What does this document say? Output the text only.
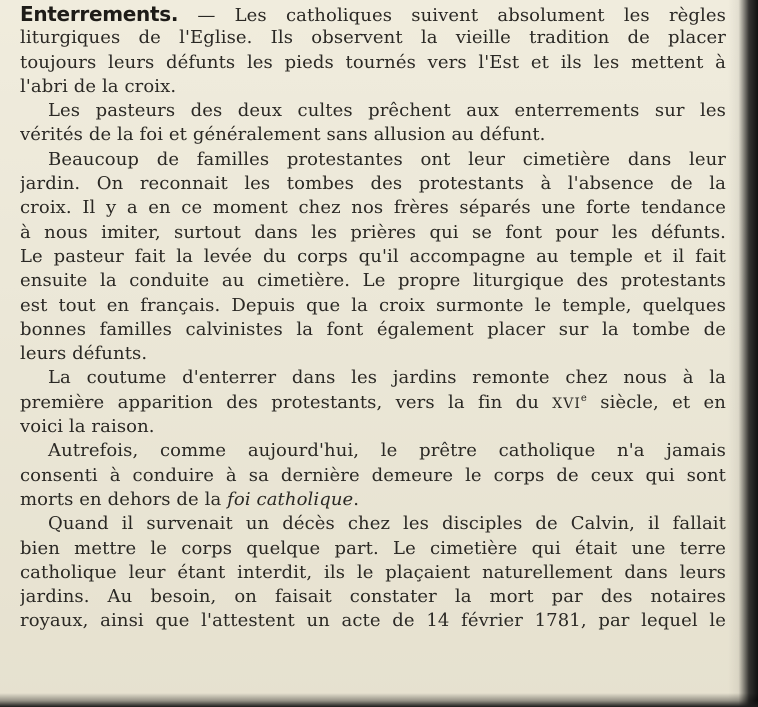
Enterrements. — Les catholiques suivent absolument les règles
liturgiques de l'Eglise. Ils observent la vieille tradition de placer
toujours leurs défunts les pieds tournés vers l'Est et ils les mettent à
l'abri de la croix.
Les pasteurs des deux cultes prêchent aux enterrements sur les
vérités de la foi et généralement sans allusion au défunt.
Beaucoup de familles protestantes ont leur cimetière dans leur
jardin. On reconnait les tombes des protestants à l'absence de la
croix. Il y a en ce moment chez nos frères séparés une forte tendance
à nous imiter, surtout dans les prières qui se font pour les défunts.
Le pasteur fait la levée du corps qu'il accompagne au temple et il fait
ensuite la conduite au cimetière. Le propre liturgique des protestants
est tout en français. Depuis que la croix surmonte le temple, quelques
bonnes familles calvinistes la font également placer sur la tombe de
leurs défunts.
La coutume d'enterrer dans les jardins remonte chez nous à la
première apparition des protestants, vers la fin du XVIe siècle, et en
voici la raison.
Autrefois, comme aujourd'hui, le prêtre catholique n'a jamais
consenti à conduire à sa dernière demeure le corps de ceux qui sont
morts en dehors de la foi catholique.
Quand il survenait un décès chez les disciples de Calvin, il fallait
bien mettre le corps quelque part. Le cimetière qui était une terre
catholique leur étant interdit, ils le plaçaient naturellement dans leurs
jardins. Au besoin, on faisait constater la mort par des notaires
royaux, ainsi que l'attestent un acte de 14 février 1781, par lequel le
